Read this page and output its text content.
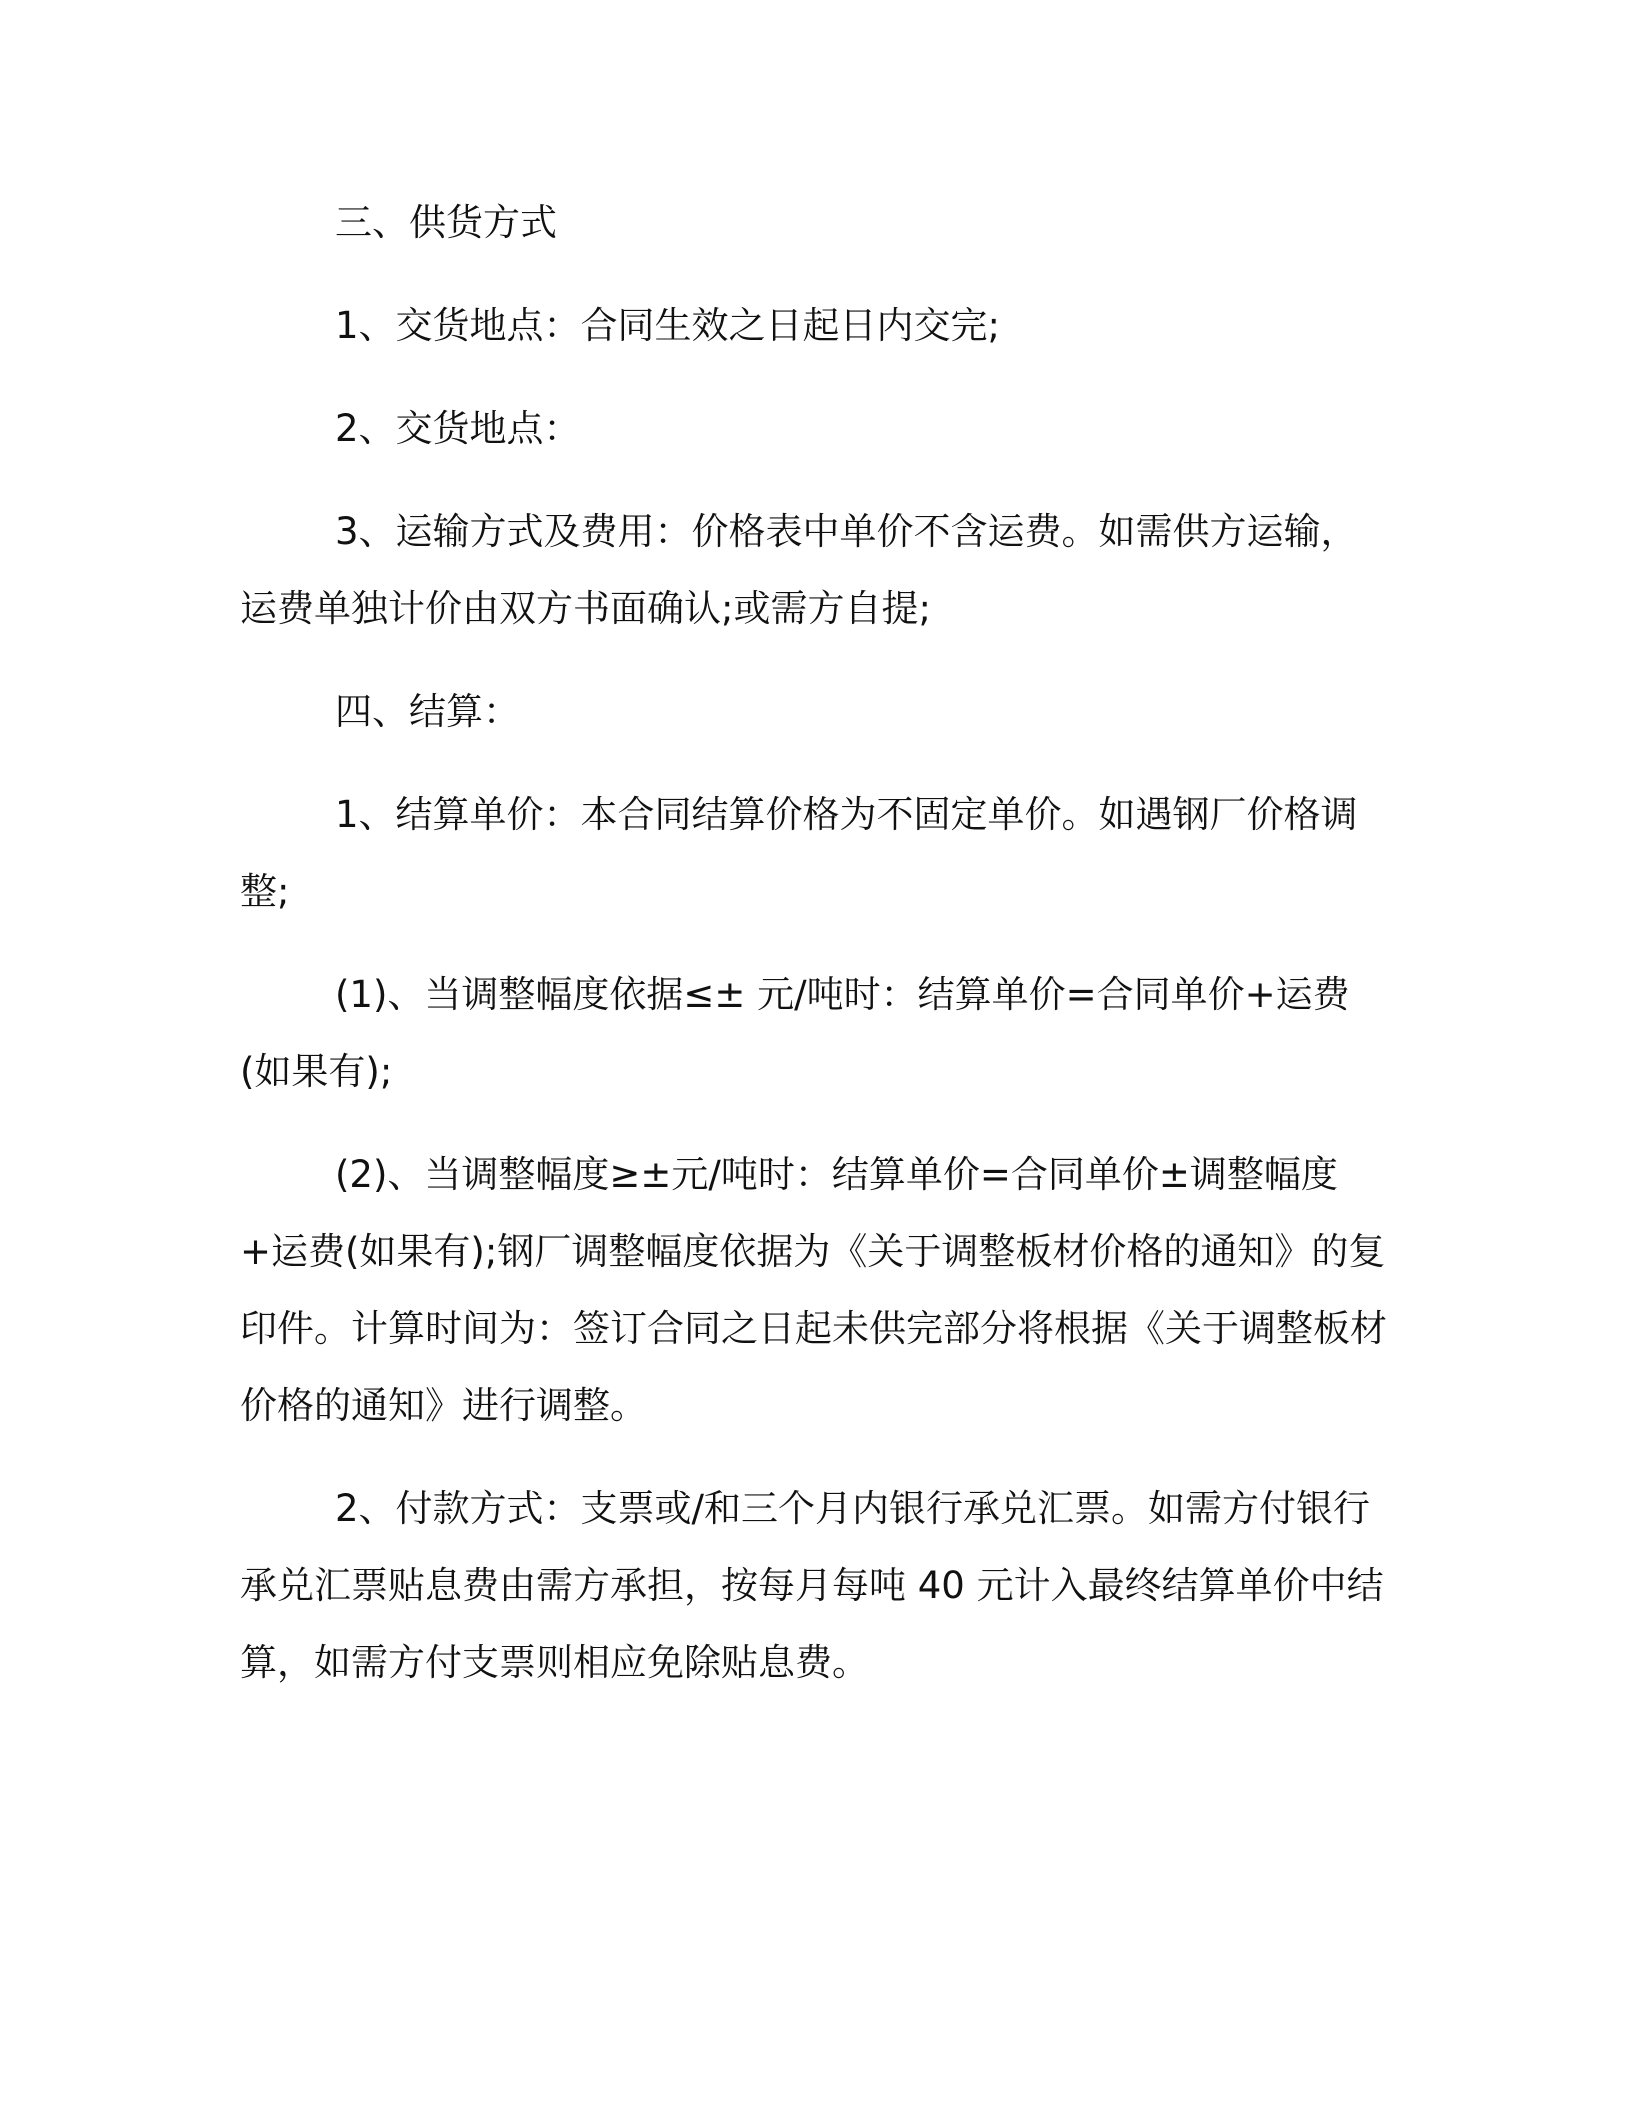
三、供货方式

1、交货地点：合同生效之日起日内交完;

2、交货地点：

3、运输方式及费用：价格表中单价不含运费。如需供方运输，运费单独计价由双方书面确认;或需方自提;

四、结算：

1、结算单价：本合同结算价格为不固定单价。如遇钢厂价格调整;

(1)、当调整幅度依据≤± 元/吨时：结算单价=合同单价+运费(如果有);

(2)、当调整幅度≥±元/吨时：结算单价=合同单价±调整幅度+运费(如果有);钢厂调整幅度依据为《关于调整板材价格的通知》的复印件。计算时间为：签订合同之日起未供完部分将根据《关于调整板材价格的通知》进行调整。

2、付款方式：支票或/和三个月内银行承兑汇票。如需方付银行承兑汇票贴息费由需方承担，按每月每吨 40 元计入最终结算单价中结算，如需方付支票则相应免除贴息费。
